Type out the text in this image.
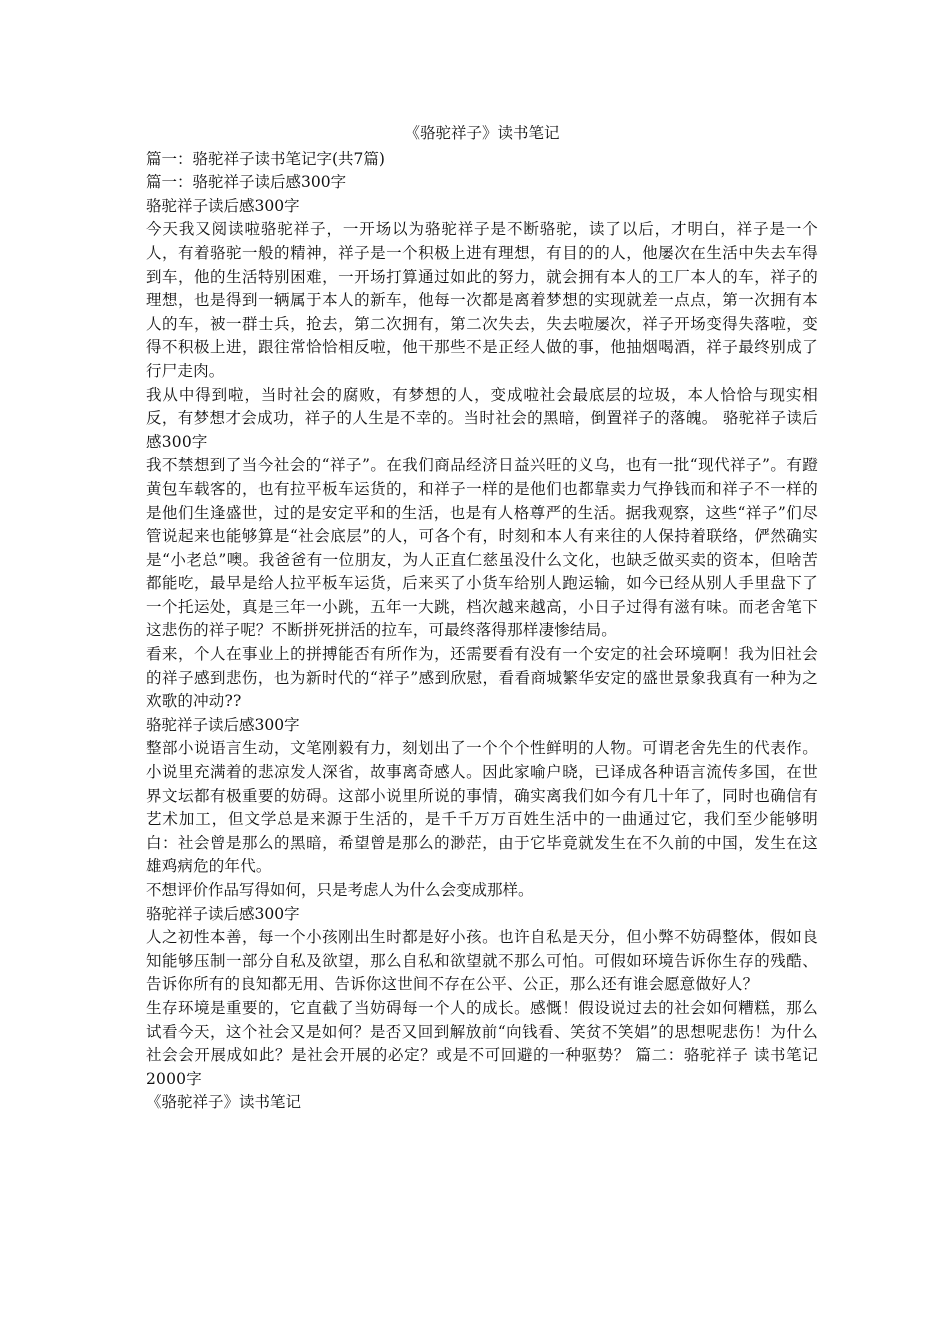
《骆驼祥子》读书笔记

篇一：骆驼祥子读书笔记字(共7篇)

篇一：骆驼祥子读后感300字

骆驼祥子读后感300字

今天我又阅读啦骆驼祥子，一开场以为骆驼祥子是不断骆驼，读了以后，才明白，祥子是一个人，有着骆驼一般的精神，祥子是一个积极上进有理想，有目的的人，他屡次在生活中失去车得到车，他的生活特别困难，一开场打算通过如此的努力，就会拥有本人的工厂本人的车，祥子的理想，也是得到一辆属于本人的新车，他每一次都是离着梦想的实现就差一点点，第一次拥有本人的车，被一群士兵，抢去，第二次拥有，第二次失去，失去啦屡次，祥子开场变得失落啦，变得不积极上进，跟往常恰恰相反啦，他干那些不是正经人做的事，他抽烟喝酒，祥子最终别成了行尸走肉。

我从中得到啦，当时社会的腐败，有梦想的人，变成啦社会最底层的垃圾，本人恰恰与现实相反，有梦想才会成功，祥子的人生是不幸的。当时社会的黑暗，倒置祥子的落魄。 骆驼祥子读后感300字

我不禁想到了当今社会的“祥子”。在我们商品经济日益兴旺的义乌，也有一批“现代祥子”。有蹬黄包车载客的，也有拉平板车运货的，和祥子一样的是他们也都靠卖力气挣钱而和祥子不一样的是他们生逢盛世，过的是安定平和的生活，也是有人格尊严的生活。据我观察，这些“祥子”们尽管说起来也能够算是“社会底层”的人，可各个有，时刻和本人有来往的人保持着联络，俨然确实是“小老总”噢。我爸爸有一位朋友，为人正直仁慈虽没什么文化，也缺乏做买卖的资本，但啥苦都能吃，最早是给人拉平板车运货，后来买了小货车给别人跑运输，如今已经从别人手里盘下了一个托运处，真是三年一小跳，五年一大跳，档次越来越高，小日子过得有滋有味。而老舍笔下这悲伤的祥子呢？不断拼死拼活的拉车，可最终落得那样凄惨结局。

看来，个人在事业上的拼搏能否有所作为，还需要看有没有一个安定的社会环境啊！我为旧社会的祥子感到悲伤，也为新时代的“祥子”感到欣慰，看看商城繁华安定的盛世景象我真有一种为之欢歌的冲动??

骆驼祥子读后感300字

整部小说语言生动，文笔刚毅有力，刻划出了一个个个性鲜明的人物。可谓老舍先生的代表作。小说里充满着的悲凉发人深省，故事离奇感人。因此家喻户晓，已译成各种语言流传多国，在世界文坛都有极重要的妨碍。这部小说里所说的事情，确实离我们如今有几十年了，同时也确信有艺术加工，但文学总是来源于生活的，是千千万万百姓生活中的一曲通过它，我们至少能够明白：社会曾是那么的黑暗，希望曾是那么的渺茫，由于它毕竟就发生在不久前的中国，发生在这雄鸡病危的年代。

不想评价作品写得如何，只是考虑人为什么会变成那样。

骆驼祥子读后感300字

人之初性本善，每一个小孩刚出生时都是好小孩。也许自私是天分，但小弊不妨碍整体，假如良知能够压制一部分自私及欲望，那么自私和欲望就不那么可怕。可假如环境告诉你生存的残酷、告诉你所有的良知都无用、告诉你这世间不存在公平、公正，那么还有谁会愿意做好人？

生存环境是重要的，它直截了当妨碍每一个人的成长。感慨！假设说过去的社会如何糟糕，那么试看今天，这个社会又是如何？是否又回到解放前“向钱看、笑贫不笑娼”的思想呢悲伤！为什么社会会开展成如此？是社会开展的必定？或是不可回避的一种驱势？ 篇二：骆驼祥子 读书笔记2000字

《骆驼祥子》读书笔记
